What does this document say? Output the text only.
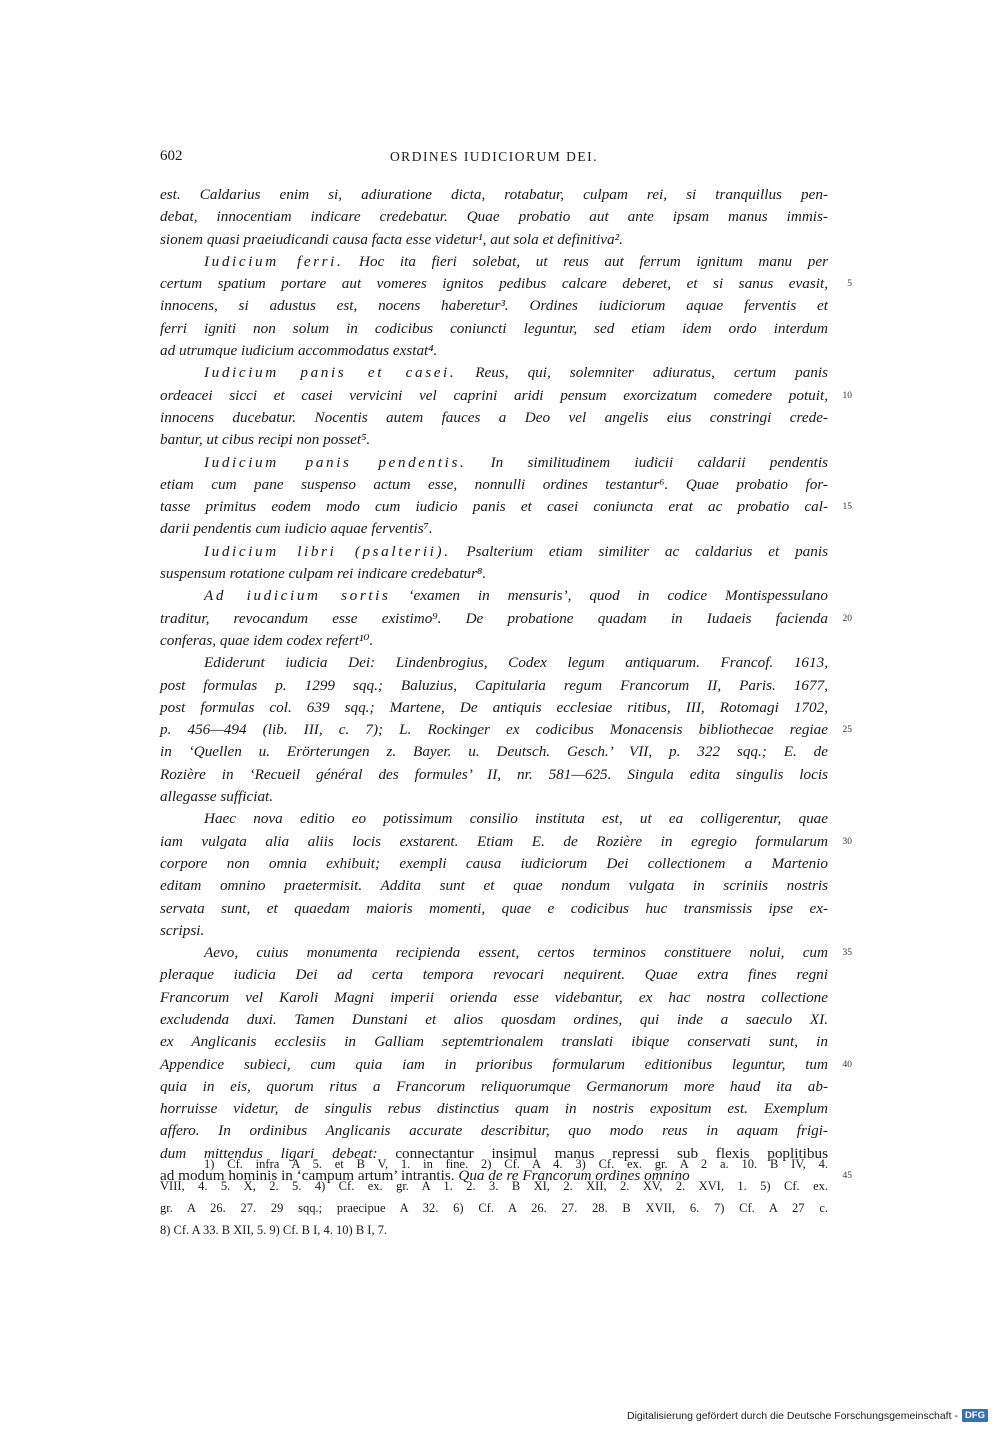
602	ORDINES IUDICIORUM DEI.
est. Caldarius enim si, adiuratione dicta, rotabatur, culpam rei, si tranquillus pen-
debat, innocentiam indicare credebatur. Quae probatio aut ante ipsam manus immis-
sionem quasi praeiudicandi causa facta esse videtur¹, aut sola et definitiva².
Iudicium ferri. Hoc ita fieri solebat, ut reus aut ferrum ignitum manu per
certum spatium portare aut vomeres ignitos pedibus calcare deberet, et si sanus evasit, 5
innocens, si adustus est, nocens haberetur³. Ordines iudiciorum aquae ferventis et
ferri igniti non solum in codicibus coniuncti leguntur, sed etiam idem ordo interdum
ad utrumque iudicium accommodatus exstat⁴.
Iudicium panis et casei. Reus, qui, solemniter adiuratus, certum panis
ordeacei sicci et casei vervicini vel caprini aridi pensum exorcizatum comedere potuit, 10
innocens ducebatur. Nocentis autem fauces a Deo vel angelis eius constringi crede-
bantur, ut cibus recipi non posset⁵.
Iudicium panis pendentis. In similitudinem iudicii caldarii pendentis
etiam cum pane suspenso actum esse, nonnulli ordines testantur⁶. Quae probatio for-
tasse primitus eodem modo cum iudicio panis et casei coniuncta erat ac probatio cal- 15
darii pendentis cum iudicio aquae ferventis⁷.
Iudicium libri (psalterii). Psalterium etiam similiter ac caldarius et panis
suspensum rotatione culpam rei indicare credebatur⁸.
Ad iudicium sortis ‘examen in mensuris’, quod in codice Montispessulano
traditur, revocandum esse existimo⁹. De probatione quadam in Iudaeis facienda 20
conferas, quae idem codex refert¹⁰.
Ediderunt iudicia Dei: Lindenbrogius, Codex legum antiquarum. Francof. 1613,
post formulas p. 1299 sqq.; Baluzius, Capitularia regum Francorum II, Paris. 1677,
post formulas col. 639 sqq.; Martene, De antiquis ecclesiae ritibus, III, Rotomagi 1702,
p. 456—494 (lib. III, c. 7); L. Rockinger ex codicibus Monacensis bibliothecae regiae 25
in ‘Quellen u. Erörterungen z. Bayer. u. Deutsch. Gesch.’ VII, p. 322 sqq.; E. de
Rozière in ‘Recueil général des formules’ II, nr. 581—625. Singula edita singulis locis
allegasse sufficiat.
Haec nova editio eo potissimum consilio instituta est, ut ea colligerentur, quae
iam vulgata alia aliis locis exstarent. Etiam E. de Rozière in egregio formularum 30
corpore non omnia exhibuit; exempli causa iudiciorum Dei collectionem a Martenio
editam omnino praetermisit. Addita sunt et quae nondum vulgata in scriniis nostris
servata sunt, et quaedam maioris momenti, quae e codicibus huc transmissis ipse ex-
scripsi.
Aevo, cuius monumenta recipienda essent, certos terminos constituere nolui, cum 35
pleraque iudicia Dei ad certa tempora revocari nequirent. Quae extra fines regni
Francorum vel Karoli Magni imperii orienda esse videbantur, ex hac nostra collectione
excludenda duxi. Tamen Dunstani et alios quosdam ordines, qui inde a saeculo XI.
ex Anglicanis ecclesiis in Galliam septemtrionalem translati ibique conservati sunt, in
Appendice subieci, cum quia iam in prioribus formularum editionibus leguntur, tum 40
quia in eis, quorum ritus a Francorum reliquorumque Germanorum more haud ita ab-
horruisse videtur, de singulis rebus distinctius quam in nostris expositum est. Exemplum
affero. In ordinibus Anglicanis accurate describitur, quo modo reus in aquam frigi-
dum mittendus ligari debeat: connectantur insimul manus repressi sub flexis poplitibus
ad modum hominis in ‘campum artum’ intrantis. Qua de re Francorum ordines omnino	45
1) Cf. infra A 5. et B V, 1. in fine. 2) Cf. A 4. 3) Cf. ex. gr. A 2 a. 10. B IV, 4.
VIII, 4. 5. X, 2. 5. 4) Cf. ex. gr. A 1. 2. 3. B XI, 2. XII, 2. XV, 2. XVI, 1. 5) Cf. ex.
gr. A 26. 27. 29 sqq.; praecipue A 32. 6) Cf. A 26. 27. 28. B XVII, 6. 7) Cf. A 27 c.
8) Cf. A 33. B XII, 5. 9) Cf. B I, 4. 10) B I, 7.
Digitalisierung gefördert durch die Deutsche Forschungsgemeinschaft - DFG
